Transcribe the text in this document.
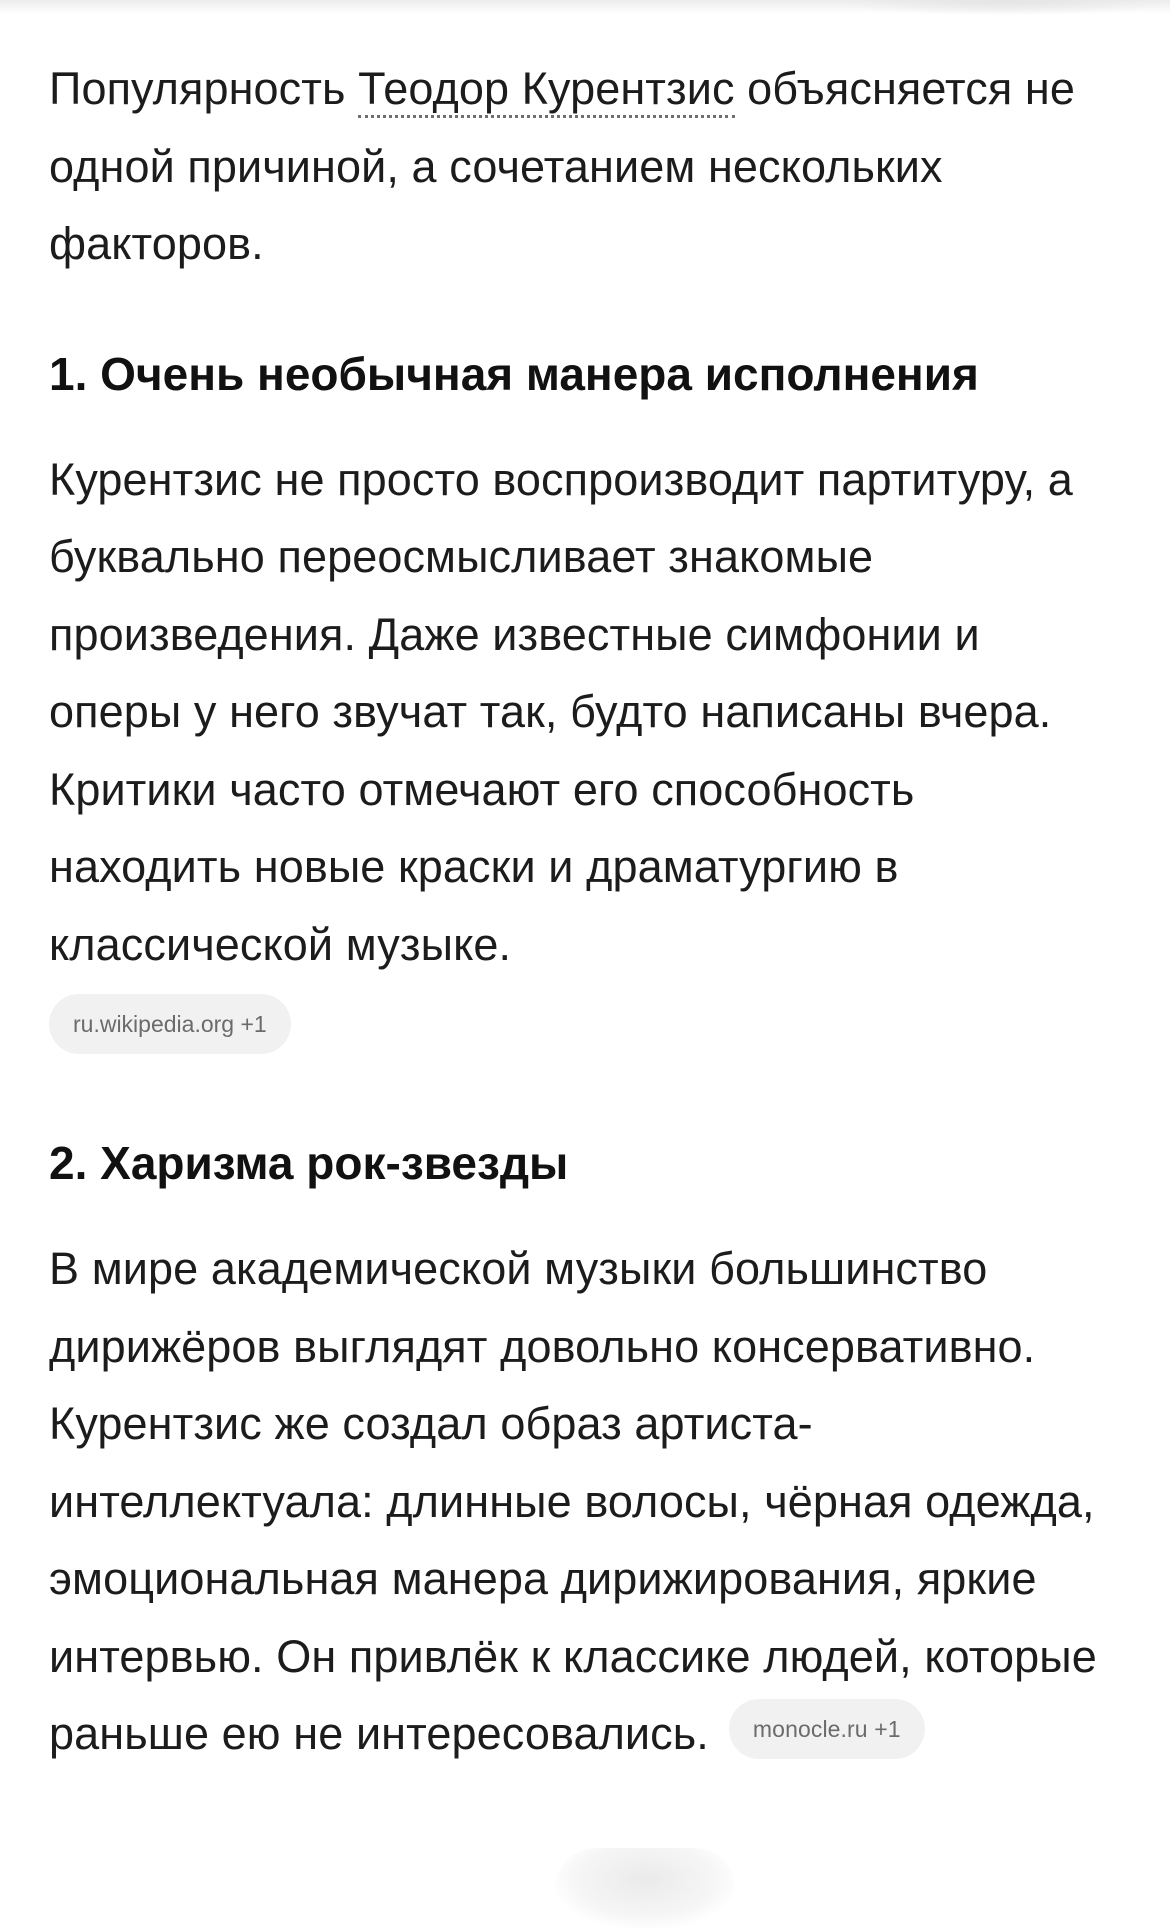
Популярность Теодор Курентзис объясняется не одной причиной, а сочетанием нескольких факторов.

1. Очень необычная манера исполнения

Курентзис не просто воспроизводит партитуру, а буквально переосмысливает знакомые произведения. Даже известные симфонии и оперы у него звучат так, будто написаны вчера. Критики часто отмечают его способность находить новые краски и драматургию в классической музыке.

ru.wikipedia.org +1
2. Харизма рок-звезды

В мире академической музыки большинство дирижёров выглядят довольно консервативно. Курентзис же создал образ артиста-интеллектуала: длинные волосы, чёрная одежда, эмоциональная манера дирижирования, яркие интервью. Он привлёк к классике людей, которые раньше ею не интересовались. monocle.ru +1
